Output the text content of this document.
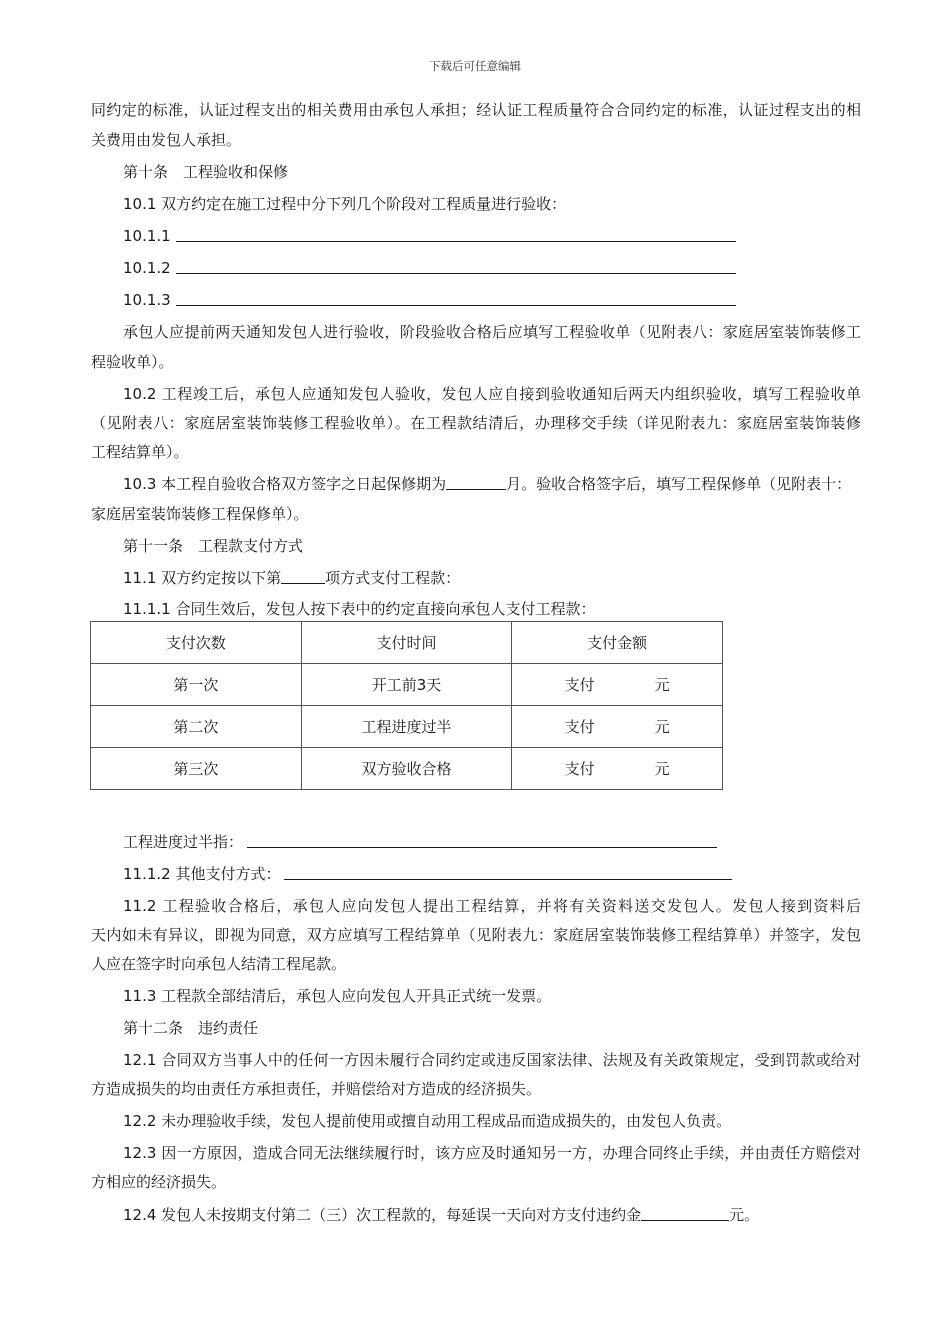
下载后可任意编辑
同约定的标准，认证过程支出的相关费用由承包人承担；经认证工程质量符合合同约定的标准，认证过程支出的相
关费用由发包人承担。
第十条　工程验收和保修
10.1 双方约定在施工过程中分下列几个阶段对工程质量进行验收：
10.1.1
10.1.2
10.1.3
承包人应提前两天通知发包人进行验收，阶段验收合格后应填写工程验收单（见附表八：家庭居室装饰装修工
程验收单）。
10.2 工程竣工后，承包人应通知发包人验收，发包人应自接到验收通知后两天内组织验收，填写工程验收单
（见附表八：家庭居室装饰装修工程验收单）。在工程款结清后，办理移交手续（详见附表九：家庭居室装饰装修
工程结算单）。
10.3 本工程自验收合格双方签字之日起保修期为	月。验收合格签字后，填写工程保修单（见附表十：
家庭居室装饰装修工程保修单）。
第十一条　工程款支付方式
11.1 双方约定按以下第	项方式支付工程款：
11.1.1 合同生效后，发包人按下表中的约定直接向承包人支付工程款：
支付次数	支付时间	支付金额
第一次	开工前3天	支付 元
第二次	工程进度过半	支付 元
第三次	双方验收合格	支付 元
工程进度过半指：
11.1.2 其他支付方式：
11.2 工程验收合格后，承包人应向发包人提出工程结算，并将有关资料送交发包人。发包人接到资料后
天内如未有异议，即视为同意，双方应填写工程结算单（见附表九：家庭居室装饰装修工程结算单）并签字，发包
人应在签字时向承包人结清工程尾款。
11.3 工程款全部结清后，承包人应向发包人开具正式统一发票。
第十二条　违约责任
12.1 合同双方当事人中的任何一方因未履行合同约定或违反国家法律、法规及有关政策规定，受到罚款或给对
方造成损失的均由责任方承担责任，并赔偿给对方造成的经济损失。
12.2 未办理验收手续，发包人提前使用或擅自动用工程成品而造成损失的，由发包人负责。
12.3 因一方原因，造成合同无法继续履行时，该方应及时通知另一方，办理合同终止手续，并由责任方赔偿对
方相应的经济损失。
12.4 发包人未按期支付第二（三）次工程款的，每延误一天向对方支付违约金	元。
